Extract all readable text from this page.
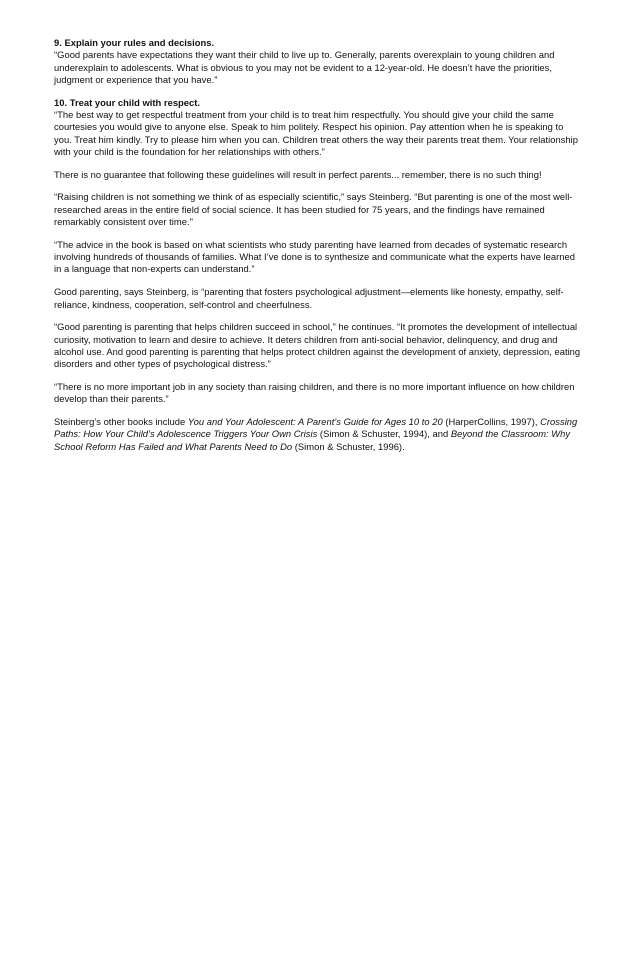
9. Explain your rules and decisions.
“Good parents have expectations they want their child to live up to. Generally, parents overexplain to young children and underexplain to adolescents. What is obvious to you may not be evident to a 12-year-old. He doesn’t have the priorities, judgment or experience that you have.”
10. Treat your child with respect.
“The best way to get respectful treatment from your child is to treat him respectfully. You should give your child the same courtesies you would give to anyone else. Speak to him politely. Respect his opinion. Pay attention when he is speaking to you. Treat him kindly. Try to please him when you can. Children treat others the way their parents treat them. Your relationship with your child is the foundation for her relationships with others.”
There is no guarantee that following these guidelines will result in perfect parents... remember, there is no such thing!
“Raising children is not something we think of as especially scientific,” says Steinberg. “But parenting is one of the most well-researched areas in the entire field of social science. It has been studied for 75 years, and the findings have remained remarkably consistent over time."
“The advice in the book is based on what scientists who study parenting have learned from decades of systematic research involving hundreds of thousands of families. What I’ve done is to synthesize and communicate what the experts have learned in a language that non-experts can understand.”
Good parenting, says Steinberg, is “parenting that fosters psychological adjustment—elements like honesty, empathy, self-reliance, kindness, cooperation, self-control and cheerfulness.
“Good parenting is parenting that helps children succeed in school,” he continues. “It promotes the development of intellectual curiosity, motivation to learn and desire to achieve. It deters children from anti-social behavior, delinquency, and drug and alcohol use. And good parenting is parenting that helps protect children against the development of anxiety, depression, eating disorders and other types of psychological distress.”
“There is no more important job in any society than raising children, and there is no more important influence on how children develop than their parents.”
Steinberg’s other books include You and Your Adolescent: A Parent’s Guide for Ages 10 to 20 (HarperCollins, 1997), Crossing Paths: How Your Child’s Adolescence Triggers Your Own Crisis (Simon & Schuster, 1994), and Beyond the Classroom: Why School Reform Has Failed and What Parents Need to Do (Simon & Schuster, 1996).
